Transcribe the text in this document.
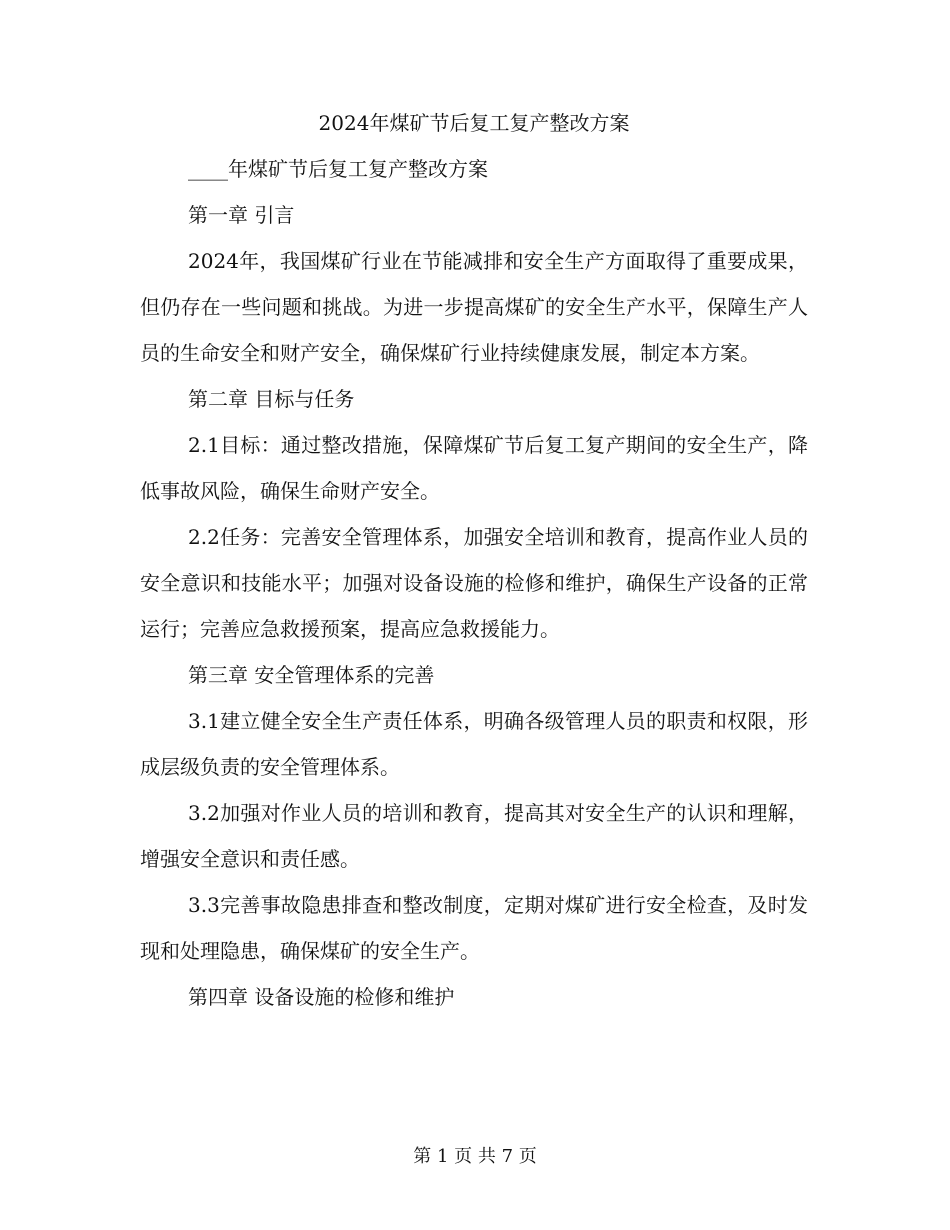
2024年煤矿节后复工复产整改方案

____年煤矿节后复工复产整改方案

第一章 引言

2024年，我国煤矿行业在节能减排和安全生产方面取得了重要成果，但仍存在一些问题和挑战。为进一步提高煤矿的安全生产水平，保障生产人员的生命安全和财产安全，确保煤矿行业持续健康发展，制定本方案。

第二章 目标与任务

2.1目标：通过整改措施，保障煤矿节后复工复产期间的安全生产，降低事故风险，确保生命财产安全。

2.2任务：完善安全管理体系，加强安全培训和教育，提高作业人员的安全意识和技能水平；加强对设备设施的检修和维护，确保生产设备的正常运行；完善应急救援预案，提高应急救援能力。

第三章 安全管理体系的完善

3.1建立健全安全生产责任体系，明确各级管理人员的职责和权限，形成层级负责的安全管理体系。

3.2加强对作业人员的培训和教育，提高其对安全生产的认识和理解，增强安全意识和责任感。

3.3完善事故隐患排查和整改制度，定期对煤矿进行安全检查，及时发现和处理隐患，确保煤矿的安全生产。

第四章 设备设施的检修和维护

第 1 页 共 7 页
